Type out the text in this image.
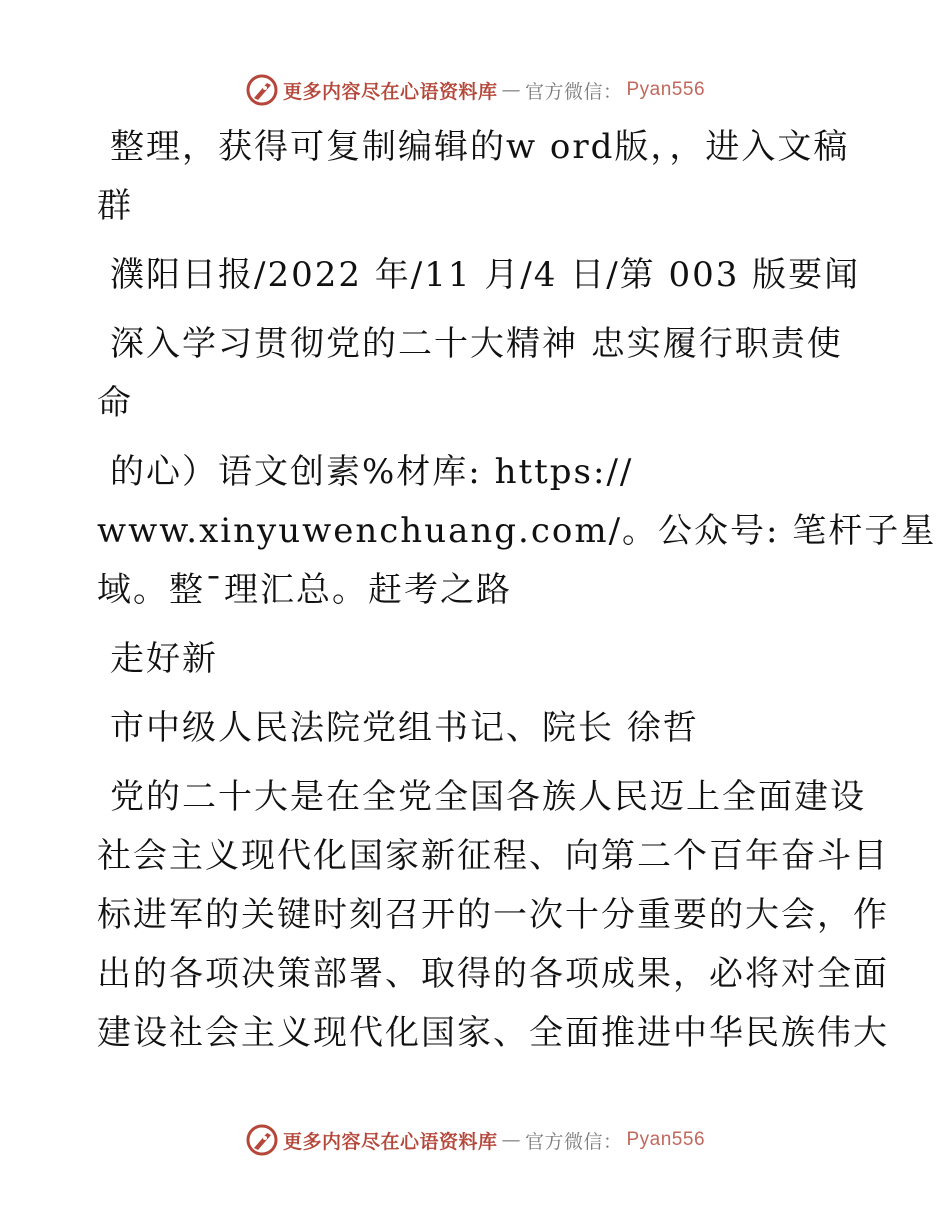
更多内容尽在心语资料库 — 官方微信： Pyan556
整理，获得可复制编辑的w ord版，，进入文稿
群
濮阳日报/2022 年/11 月/4 日/第 003 版要闻
深入学习贯彻党的二十大精神 忠实履行职责使
命
的心）语文创素%材库: https://
www.xinyuwenchuang.com/。公众号: 笔杆子星
域。整¯理汇总。赶考之路
走好新
市中级人民法院党组书记、院长 徐哲
党的二十大是在全党全国各族人民迈上全面建设
社会主义现代化国家新征程、向第二个百年奋斗目
标进军的关键时刻召开的一次十分重要的大会，作
出的各项决策部署、取得的各项成果，必将对全面
建设社会主义现代化国家、全面推进中华民族伟大
更多内容尽在心语资料库 — 官方微信： Pyan556
